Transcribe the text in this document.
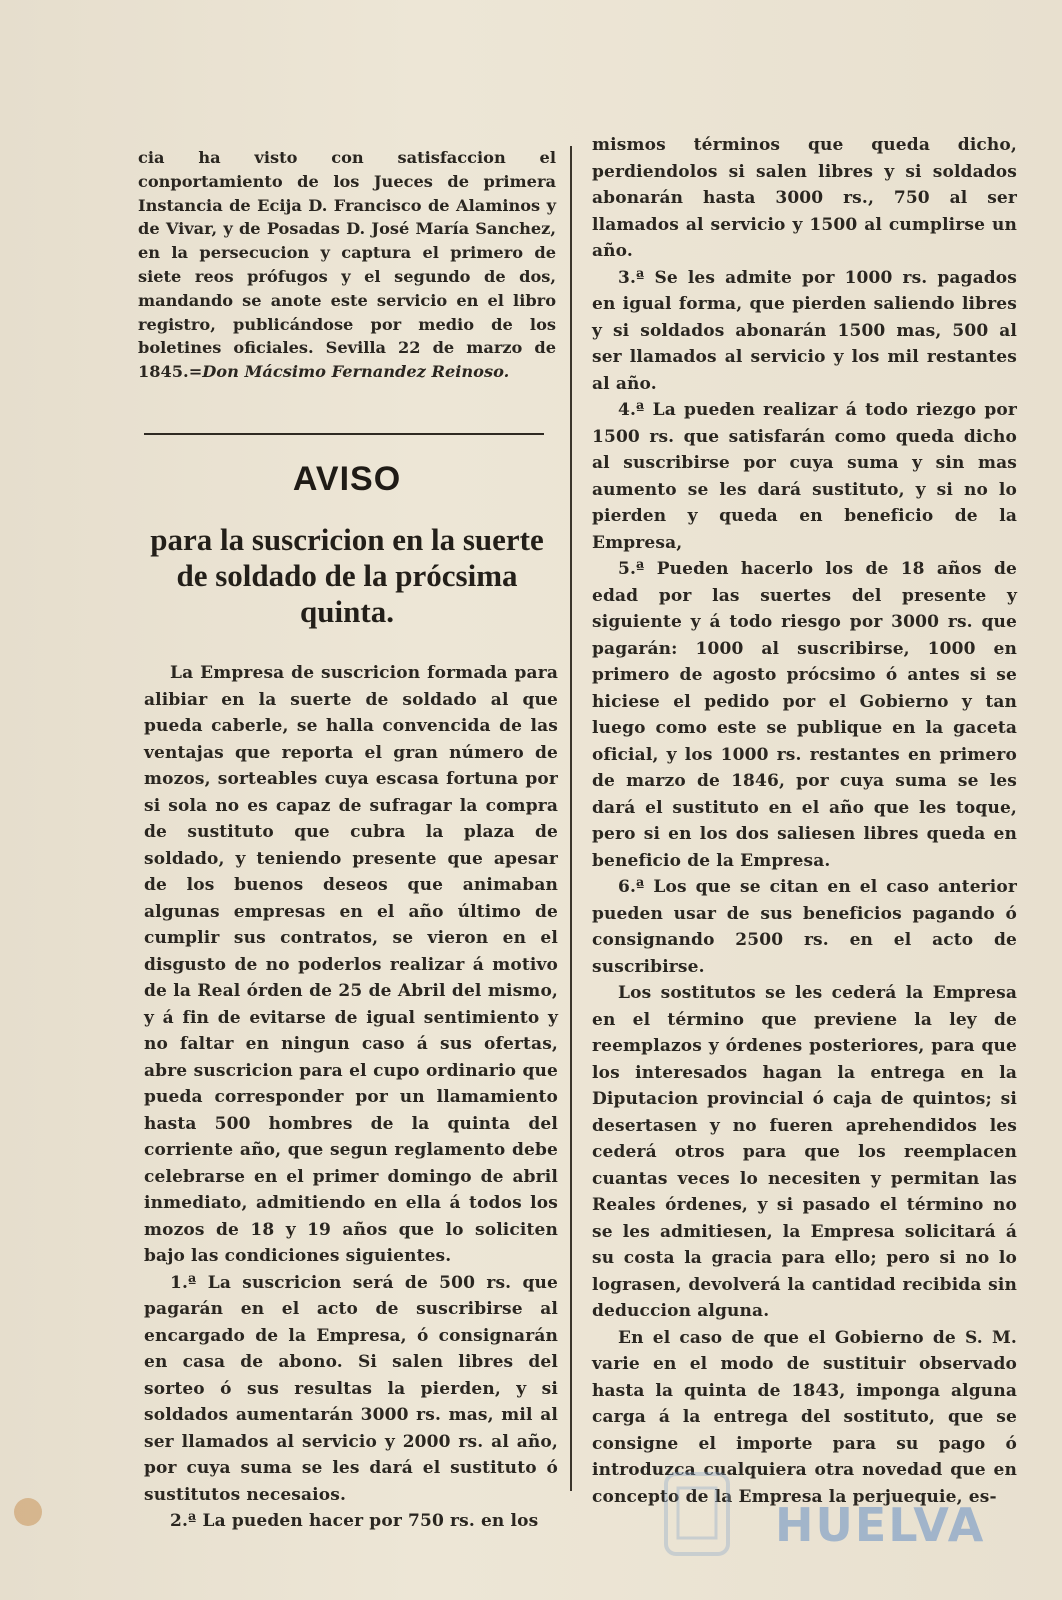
cia ha visto con satisfaccion el conportamiento de los Jueces de primera Instancia de Ecija D. Francisco de Alaminos y de Vivar, y de Posadas D. José María Sanchez, en la persecucion y captura el primero de siete reos prófugos y el segundo de dos, mandando se anote este servicio en el libro registro, publicándose por medio de los boletines oficiales. Sevilla 22 de marzo de 1845.=Don Mácsimo Fernandez Reinoso.

AVISO
para la suscricion en la suerte de soldado de la prócsima quinta.

La Empresa de suscricion formada para alibiar en la suerte de soldado al que pueda caberle, se halla convencida de las ventajas que reporta el gran número de mozos, sorteables cuya escasa fortuna por si sola no es capaz de sufragar la compra de sustituto que cubra la plaza de soldado, y teniendo presente que apesar de los buenos deseos que animaban algunas empresas en el año último de cumplir sus contratos, se vieron en el disgusto de no poderlos realizar á motivo de la Real órden de 25 de Abril del mismo, y á fin de evitarse de igual sentimiento y no faltar en ningun caso á sus ofertas, abre suscricion para el cupo ordinario que pueda corresponder por un llamamiento hasta 500 hombres de la quinta del corriente año, que segun reglamento debe celebrarse en el primer domingo de abril inmediato, admitiendo en ella á todos los mozos de 18 y 19 años que lo soliciten bajo las condiciones siguientes.

1.ª La suscricion será de 500 rs. que pagarán en el acto de suscribirse al encargado de la Empresa, ó consignarán en casa de abono. Si salen libres del sorteo ó sus resultas la pierden, y si soldados aumentarán 3000 rs. mas, mil al ser llamados al servicio y 2000 rs. al año, por cuya suma se les dará el sustituto ó sustitutos necesaios.

2.ª La pueden hacer por 750 rs. en los

mismos términos que queda dicho, perdiendolos si salen libres y si soldados abonarán hasta 3000 rs., 750 al ser llamados al servicio y 1500 al cumplirse un año.

3.ª Se les admite por 1000 rs. pagados en igual forma, que pierden saliendo libres y si soldados abonarán 1500 mas, 500 al ser llamados al servicio y los mil restantes al año.

4.ª La pueden realizar á todo riezgo por 1500 rs. que satisfarán como queda dicho al suscribirse por cuya suma y sin mas aumento se les dará sustituto, y si no lo pierden y queda en beneficio de la Empresa,

5.ª Pueden hacerlo los de 18 años de edad por las suertes del presente y siguiente y á todo riesgo por 3000 rs. que pagarán: 1000 al suscribirse, 1000 en primero de agosto prócsimo ó antes si se hiciese el pedido por el Gobierno y tan luego como este se publique en la gaceta oficial, y los 1000 rs. restantes en primero de marzo de 1846, por cuya suma se les dará el sustituto en el año que les toque, pero si en los dos saliesen libres queda en beneficio de la Empresa.

6.ª Los que se citan en el caso anterior pueden usar de sus beneficios pagando ó consignando 2500 rs. en el acto de suscribirse.

Los sostitutos se les cederá la Empresa en el término que previene la ley de reemplazos y órdenes posteriores, para que los interesados hagan la entrega en la Diputacion provincial ó caja de quintos; si desertasen y no fueren aprehendidos les cederá otros para que los reemplacen cuantas veces lo necesiten y permitan las Reales órdenes, y si pasado el término no se les admitiesen, la Empresa solicitará á su costa la gracia para ello; pero si no lo lograsen, devolverá la cantidad recibida sin deduccion alguna.

En el caso de que el Gobierno de S. M. varie en el modo de sustituir observado hasta la quinta de 1843, imponga alguna carga á la entrega del sostituto, que se consigne el importe para su pago ó introduzca cualquiera otra novedad que en concepto de la Empresa la perjuequie, es-

HUELVA
